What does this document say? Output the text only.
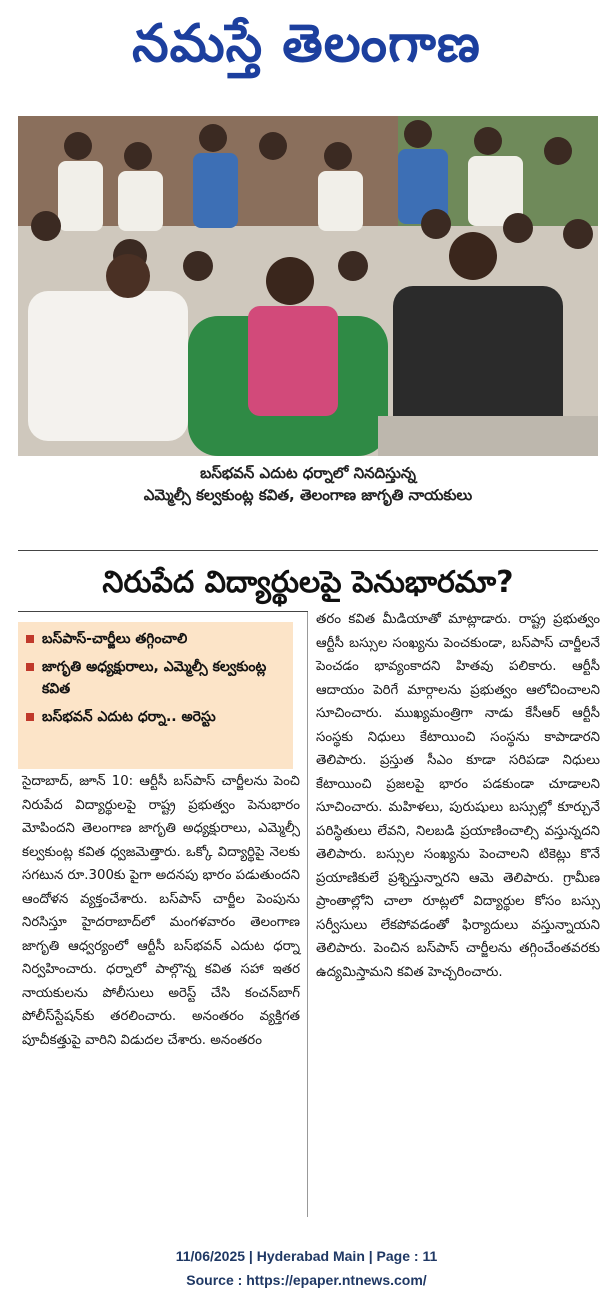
నమస్తే తెలంగాణ
బస్‌భవన్ ఎదుట ధర్నాలో నినదిస్తున్న
ఎమ్మెల్సీ కల్వకుంట్ల కవిత, తెలంగాణ జాగృతి నాయకులు
నిరుపేద విద్యార్థులపై పెనుభారమా?
బస్‌పాస్‌-చార్జీలు తగ్గించాలి
జాగృతి అధ్యక్షురాలు, ఎమ్మెల్సీ కల్వకుంట్ల కవిత
బస్‌భవన్ ఎదుట ధర్నా.. అరెస్టు

సైదాబాద్, జూన్ 10: ఆర్టీసీ బస్‌పాస్ చార్జీలను పెంచి నిరుపేద విద్యార్థులపై రాష్ట్ర ప్రభుత్వం పెనుభారం మోపిందని తెలంగాణ జాగృతి అధ్యక్షురాలు, ఎమ్మెల్సీ కల్వకుంట్ల కవిత ధ్వజమెత్తారు. ఒక్కో విద్యార్థిపై నెలకు సగటున రూ.300కు పైగా అదనపు భారం పడుతుందని ఆందోళన వ్యక్తంచేశారు. బస్‌పాస్ చార్జీల పెంపును నిరసిస్తూ హైదరాబాద్‌లో మంగళవారం తెలంగాణ జాగృతి ఆధ్వర్యంలో ఆర్టీసీ బస్‌భవన్ ఎదుట ధర్నా నిర్వహించారు. ధర్నాలో పాల్గొన్న కవిత సహా ఇతర నాయకులను పోలీసులు అరెస్ట్ చేసి కంచన్‌బాగ్ పోలీస్‌స్టేషన్‌కు తరలించారు. అనంతరం వ్యక్తిగత పూచీకత్తుపై వారిని విడుదల చేశారు. అనంతరం

తరం కవిత మీడియాతో మాట్లాడారు. రాష్ట్ర ప్రభుత్వం ఆర్టీసీ బస్సుల సంఖ్యను పెంచకుండా, బస్‌పాస్ చార్జీలనే పెంచడం భావ్యంకాదని హితవు పలికారు. ఆర్టీసీ ఆదాయం పెరిగే మార్గాలను ప్రభుత్వం ఆలోచించాలని సూచించారు. ముఖ్యమంత్రిగా నాడు కేసీఆర్ ఆర్టీసీ సంస్థకు నిధులు కేటాయించి సంస్థను కాపాడారని తెలిపారు. ప్రస్తుత సీఎం కూడా సరిపడా నిధులు కేటాయించి ప్రజలపై భారం పడకుండా చూడాలని సూచించారు. మహిళలు, పురుషులు బస్సుల్లో కూర్చునే పరిస్థితులు లేవని, నిలబడి ప్రయాణించాల్సి వస్తున్నదని తెలిపారు. బస్సుల సంఖ్యను పెంచాలని టికెట్లు కొనే ప్రయాణికులే ప్రశ్నిస్తున్నారని ఆమె తెలిపారు. గ్రామీణ ప్రాంతాల్లోని చాలా రూట్లలో విద్యార్థుల కోసం బస్సు సర్వీసులు లేకపోవడంతో ఫిర్యాదులు వస్తున్నాయని తెలిపారు. పెంచిన బస్‌పాస్ చార్జీలను తగ్గించేంతవరకు ఉద్యమిస్తామని కవిత హెచ్చరించారు.

11/06/2025 | Hyderabad Main | Page : 11
Source : https://epaper.ntnews.com/
